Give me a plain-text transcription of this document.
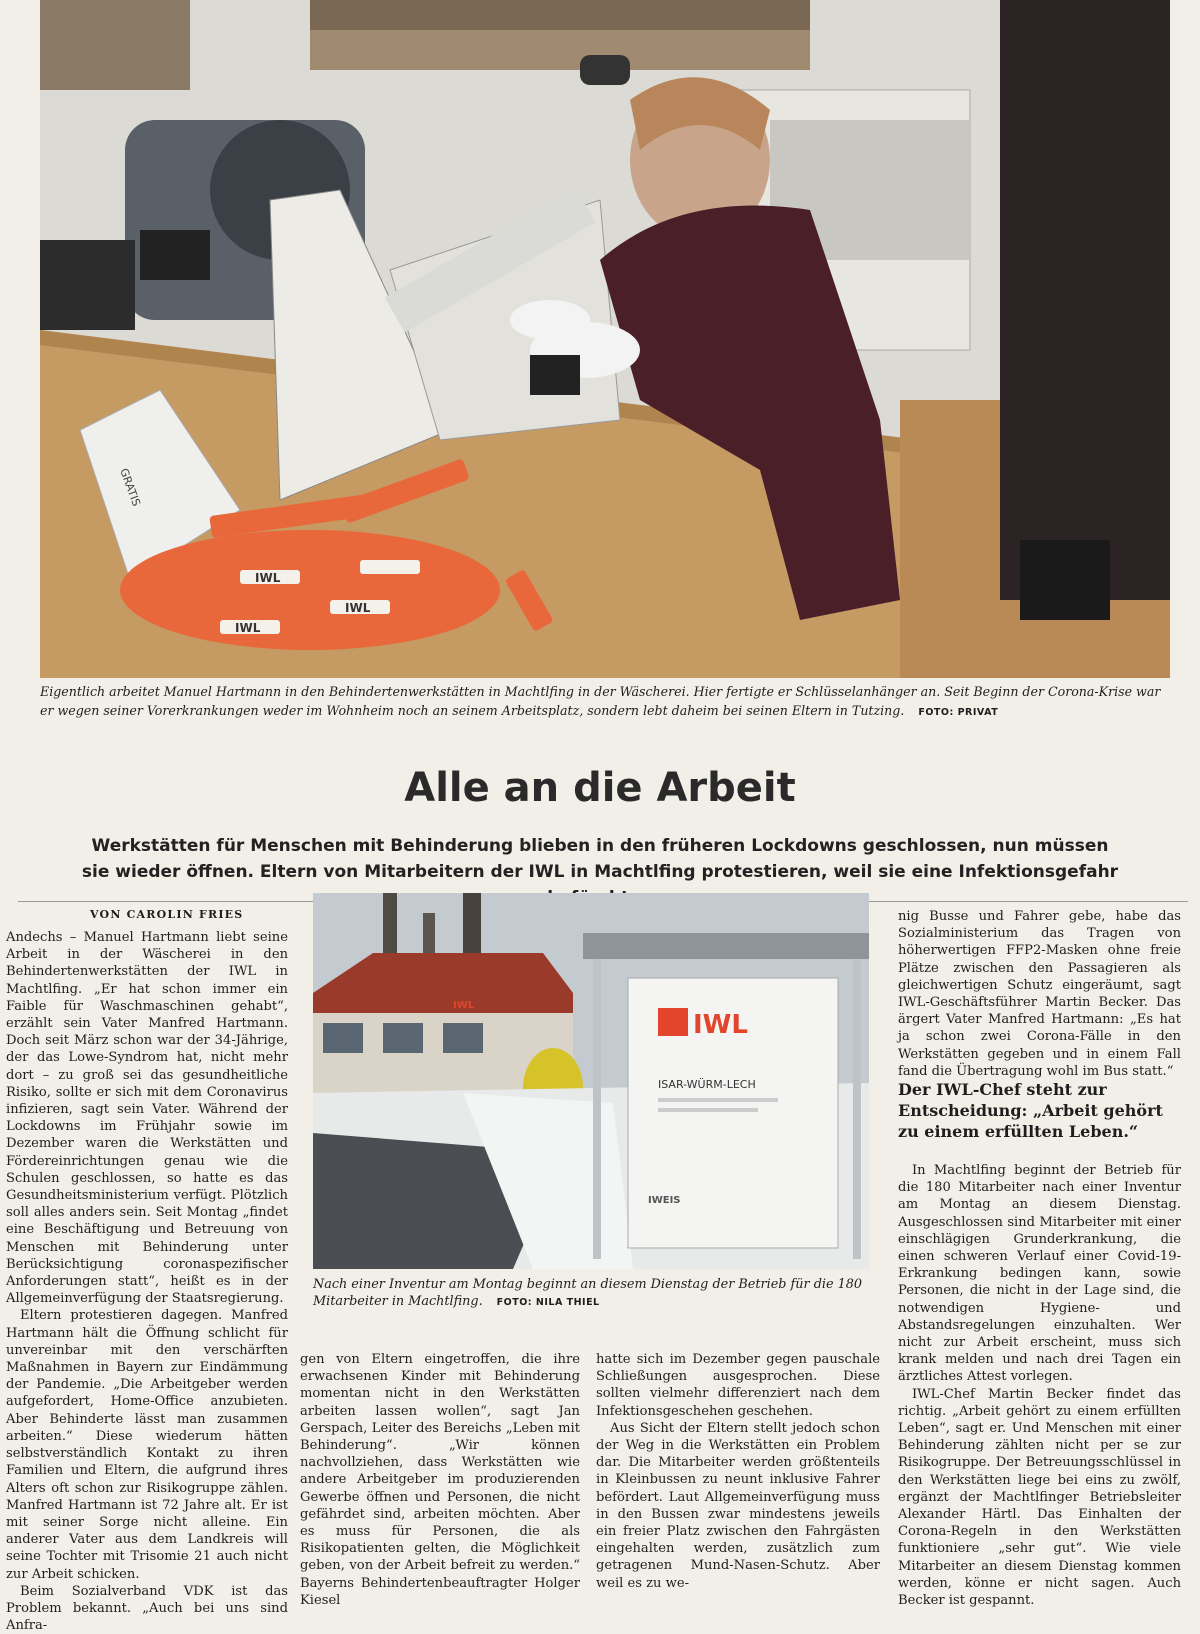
IWL
IWL
IWL
GRATIS
Eigentlich arbeitet Manuel Hartmann in den Behindertenwerkstätten in Machtlfing in der Wäscherei. Hier fertigte er Schlüsselanhänger an. Seit Beginn der Corona-Krise war er wegen seiner Vorerkrankungen weder im Wohnheim noch an seinem Arbeitsplatz, sondern lebt daheim bei seinen Eltern in Tutzing. FOTO: PRIVAT
Alle an die Arbeit
Werkstätten für Menschen mit Behinderung blieben in den früheren Lockdowns geschlossen, nun müssen sie wieder öffnen. Eltern von Mitarbeitern der IWL in Machtlfing protestieren, weil sie eine Infektionsgefahr
VON CAROLIN FRIES

Andechs – Manuel Hartmann liebt seine Arbeit in der Wäscherei in den Behindertenwerkstätten der IWL in Machtlfing. „Er hat schon immer ein Faible für Waschmaschinen gehabt“, erzählt sein Vater Manfred Hartmann. Doch seit März schon war der 34-Jährige, der das Lowe-Syndrom hat, nicht mehr dort – zu groß sei das gesundheitliche Risiko, sollte er sich mit dem Coronavirus infizieren, sagt sein Vater. Während der Lockdowns im Frühjahr sowie im Dezember waren die Werkstätten und Fördereinrichtungen genau wie die Schulen geschlossen, so hatte es das Gesundheitsministerium verfügt. Plötzlich soll alles anders sein. Seit Montag „findet eine Beschäftigung und Betreuung von Menschen mit Behinderung unter Berücksichtigung coronaspezifischer Anforderungen statt“, heißt es in der Allgemeinverfügung der Staatsregierung.

Eltern protestieren dagegen. Manfred Hartmann hält die Öffnung schlicht für unvereinbar mit den verschärften Maßnahmen in Bayern zur Eindämmung der Pandemie. „Die Arbeitgeber werden aufgefordert, Home-Office anzubieten. Aber Behinderte lässt man zusammen arbeiten.“ Diese wiederum hätten selbstverständlich Kontakt zu ihren Familien und Eltern, die aufgrund ihres Alters oft schon zur Risikogruppe zählen. Manfred Hartmann ist 72 Jahre alt. Er ist mit seiner Sorge nicht alleine. Ein anderer Vater aus dem Landkreis will seine Tochter mit Trisomie 21 auch nicht zur Arbeit schicken.

Beim Sozialverband VDK ist das Problem bekannt. „Auch bei uns sind Anfra-

IWL
IWL
ISAR-WÜRM-LECH
IWEIS
Nach einer Inventur am Montag beginnt an diesem Dienstag der Betrieb für die 180 Mitarbeiter in Machtlfing. FOTO: NILA THIEL

gen von Eltern eingetroffen, die ihre erwachsenen Kinder mit Behinderung momentan nicht in den Werkstätten arbeiten lassen wollen“, sagt Jan Gerspach, Leiter des Bereichs „Leben mit Behinderung“. „Wir können nachvollziehen, dass Werkstätten wie andere Arbeitgeber im produzierenden Gewerbe öffnen und Personen, die nicht gefährdet sind, arbeiten möchten. Aber es muss für Personen, die als Risikopatienten gelten, die Möglichkeit geben, von der Arbeit befreit zu werden.“ Bayerns Behindertenbeauftragter Holger Kiesel

hatte sich im Dezember gegen pauschale Schließungen ausgesprochen. Diese sollten vielmehr differenziert nach dem Infektionsgeschehen geschehen.

Aus Sicht der Eltern stellt jedoch schon der Weg in die Werkstätten ein Problem dar. Die Mitarbeiter werden größtenteils in Kleinbussen zu neunt inklusive Fahrer befördert. Laut Allgemeinverfügung muss in den Bussen zwar mindestens jeweils ein freier Platz zwischen den Fahrgästen eingehalten werden, zusätzlich zum getragenen Mund-Nasen-Schutz. Aber weil es zu we-

nig Busse und Fahrer gebe, habe das Sozialministerium das Tragen von höherwertigen FFP2-Masken ohne freie Plätze zwischen den Passagieren als gleichwertigen Schutz eingeräumt, sagt IWL-Geschäftsführer Martin Becker. Das ärgert Vater Manfred Hartmann: „Es hat ja schon zwei Corona-Fälle in den Werkstätten gegeben und in einem Fall fand die Übertragung wohl im Bus statt.“

Der IWL-Chef steht zur Entscheidung: „Arbeit gehört zu einem erfüllten Leben.“

In Machtlfing beginnt der Betrieb für die 180 Mitarbeiter nach einer Inventur am Montag an diesem Dienstag. Ausgeschlossen sind Mitarbeiter mit einer einschlägigen Grunderkrankung, die einen schweren Verlauf einer Covid-19-Erkrankung bedingen kann, sowie Personen, die nicht in der Lage sind, die notwendigen Hygiene- und Abstandsregelungen einzuhalten. Wer nicht zur Arbeit erscheint, muss sich krank melden und nach drei Tagen ein ärztliches Attest vorlegen.

IWL-Chef Martin Becker findet das richtig. „Arbeit gehört zu einem erfüllten Leben“, sagt er. Und Menschen mit einer Behinderung zählten nicht per se zur Risikogruppe. Der Betreuungsschlüssel in den Werkstätten liege bei eins zu zwölf, ergänzt der Machtlfinger Betriebsleiter Alexander Härtl. Das Einhalten der Corona-Regeln in den Werkstätten funktioniere „sehr gut“. Wie viele Mitarbeiter an diesem Dienstag kommen werden, könne er nicht sagen. Auch Becker ist gespannt.
